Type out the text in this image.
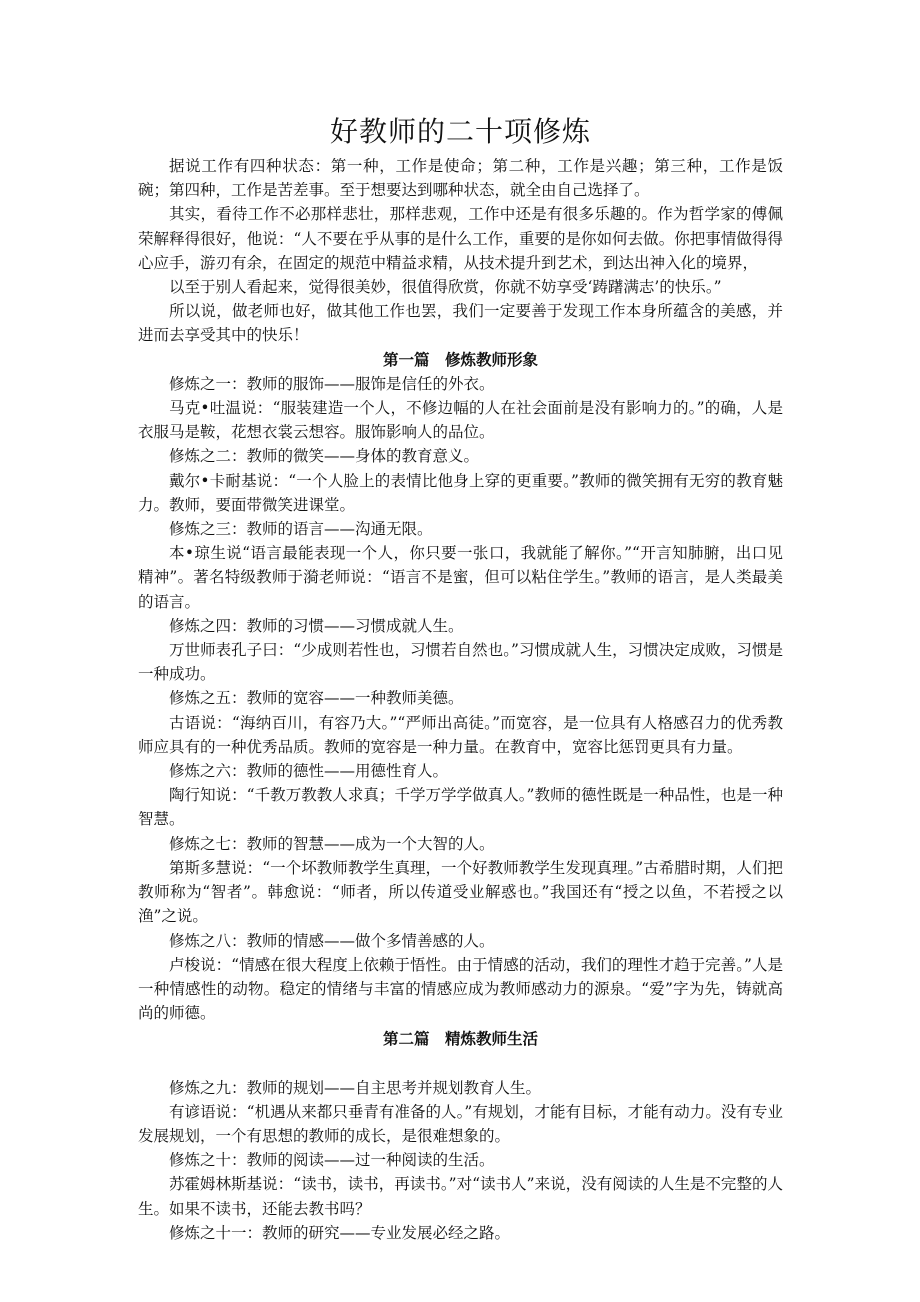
好教师的二十项修炼

据说工作有四种状态：第一种，工作是使命；第二种，工作是兴趣；第三种，工作是饭碗；第四种，工作是苦差事。至于想要达到哪种状态，就全由自己选择了。

其实，看待工作不必那样悲壮，那样悲观，工作中还是有很多乐趣的。作为哲学家的傅佩荣解释得很好，他说：“人不要在乎从事的是什么工作，重要的是你如何去做。你把事情做得得心应手，游刃有余，在固定的规范中精益求精，从技术提升到艺术，到达出神入化的境界，

以至于别人看起来，觉得很美妙，很值得欣赏，你就不妨享受‘踌躇满志’的快乐。”

所以说，做老师也好，做其他工作也罢，我们一定要善于发现工作本身所蕴含的美感，并进而去享受其中的快乐！

第一篇　修炼教师形象

修炼之一：教师的服饰——服饰是信任的外衣。

马克•吐温说：“服装建造一个人，不修边幅的人在社会面前是没有影响力的。”的确，人是衣服马是鞍，花想衣裳云想容。服饰影响人的品位。

修炼之二：教师的微笑——身体的教育意义。

戴尔•卡耐基说：“一个人脸上的表情比他身上穿的更重要。”教师的微笑拥有无穷的教育魅力。教师，要面带微笑进课堂。

修炼之三：教师的语言——沟通无限。

本•琼生说“语言最能表现一个人，你只要一张口，我就能了解你。”“开言知肺腑，出口见精神”。著名特级教师于漪老师说：“语言不是蜜，但可以粘住学生。”教师的语言，是人类最美的语言。

修炼之四：教师的习惯——习惯成就人生。

万世师表孔子曰：“少成则若性也，习惯若自然也。”习惯成就人生，习惯决定成败，习惯是一种成功。

修炼之五：教师的宽容——一种教师美德。

古语说：“海纳百川，有容乃大。”“严师出高徒。”而宽容，是一位具有人格感召力的优秀教师应具有的一种优秀品质。教师的宽容是一种力量。在教育中，宽容比惩罚更具有力量。

修炼之六：教师的德性——用德性育人。

陶行知说：“千教万教教人求真；千学万学学做真人。”教师的德性既是一种品性，也是一种智慧。

修炼之七：教师的智慧——成为一个大智的人。

第斯多慧说：“一个坏教师教学生真理，一个好教师教学生发现真理。”古希腊时期，人们把教师称为“智者”。韩愈说：“师者，所以传道受业解惑也。”我国还有“授之以鱼，不若授之以渔”之说。

修炼之八：教师的情感——做个多情善感的人。

卢梭说：“情感在很大程度上依赖于悟性。由于情感的活动，我们的理性才趋于完善。”人是一种情感性的动物。稳定的情绪与丰富的情感应成为教师感动力的源泉。“爱”字为先，铸就高尚的师德。

第二篇　精炼教师生活

修炼之九：教师的规划——自主思考并规划教育人生。

有谚语说：“机遇从来都只垂青有准备的人。”有规划，才能有目标，才能有动力。没有专业发展规划，一个有思想的教师的成长，是很难想象的。

修炼之十：教师的阅读——过一种阅读的生活。

苏霍姆林斯基说：“读书，读书，再读书。”对“读书人”来说，没有阅读的人生是不完整的人生。如果不读书，还能去教书吗？

修炼之十一：教师的研究——专业发展必经之路。
